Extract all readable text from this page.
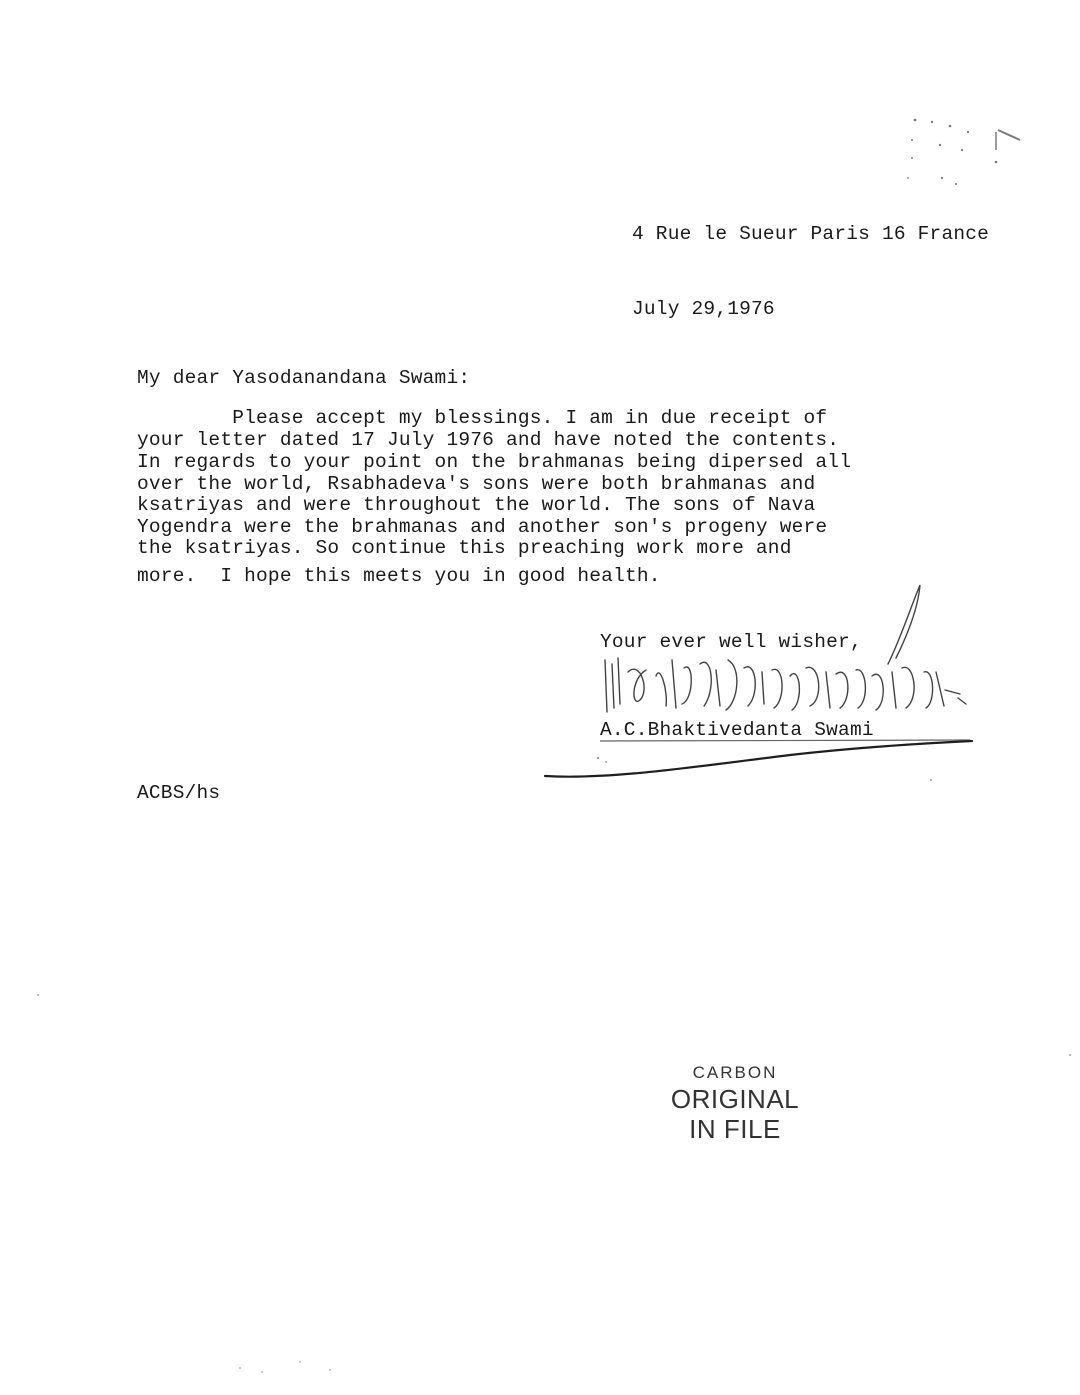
4 Rue le Sueur Paris 16 France
July 29,1976
My dear Yasodanandana Swami:
Please accept my blessings. I am in due receipt of
your letter dated 17 July 1976 and have noted the contents.
In regards to your point on the brahmanas being dipersed all
over the world, Rsabhadeva's sons were both brahmanas and
ksatriyas and were throughout the world. The sons of Nava
Yogendra were the brahmanas and another son's progeny were
the ksatriyas. So continue this preaching work more and
more.  I hope this meets you in good health.
Your ever well wisher,
A.C.Bhaktivedanta Swami
ACBS/hs
CARBON
ORIGINAL
IN FILE
